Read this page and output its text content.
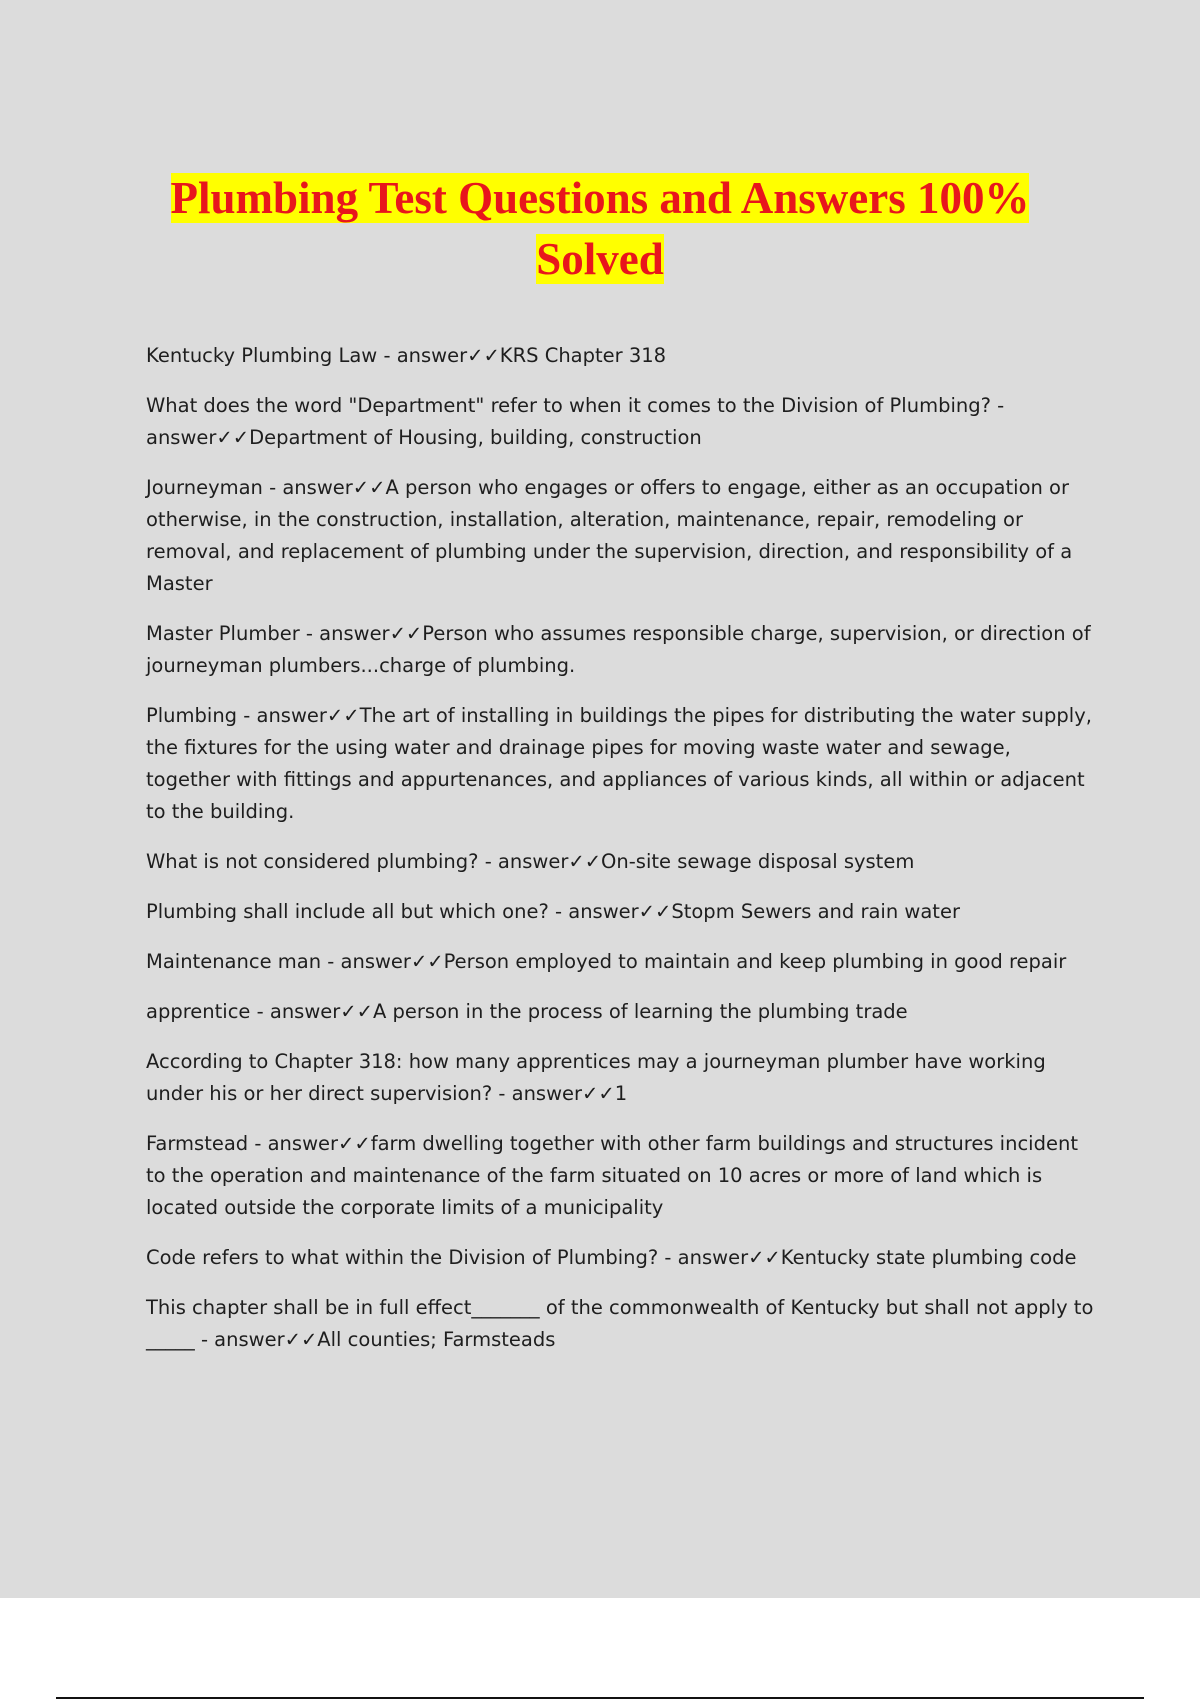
Plumbing Test Questions and Answers 100%
Solved

Kentucky Plumbing Law - answer✓✓KRS Chapter 318

What does the word "Department" refer to when it comes to the Division of Plumbing? - answer✓✓Department of Housing, building, construction

Journeyman - answer✓✓A person who engages or offers to engage, either as an occupation or otherwise, in the construction, installation, alteration, maintenance, repair, remodeling or removal, and replacement of plumbing under the supervision, direction, and responsibility of a Master

Master Plumber - answer✓✓Person who assumes responsible charge, supervision, or direction of journeyman plumbers...charge of plumbing.

Plumbing - answer✓✓The art of installing in buildings the pipes for distributing the water supply, the fixtures for the using water and drainage pipes for moving waste water and sewage, together with fittings and appurtenances, and appliances of various kinds, all within or adjacent to the building.

What is not considered plumbing? - answer✓✓On-site sewage disposal system

Plumbing shall include all but which one? - answer✓✓Stopm Sewers and rain water

Maintenance man - answer✓✓Person employed to maintain and keep plumbing in good repair

apprentice - answer✓✓A person in the process of learning the plumbing trade

According to Chapter 318: how many apprentices may a journeyman plumber have working under his or her direct supervision? - answer✓✓1

Farmstead - answer✓✓farm dwelling together with other farm buildings and structures incident to the operation and maintenance of the farm situated on 10 acres or more of land which is located outside the corporate limits of a municipality

Code refers to what within the Division of Plumbing? - answer✓✓Kentucky state plumbing code

This chapter shall be in full effect_______ of the commonwealth of Kentucky but shall not apply to _____ - answer✓✓All counties; Farmsteads
